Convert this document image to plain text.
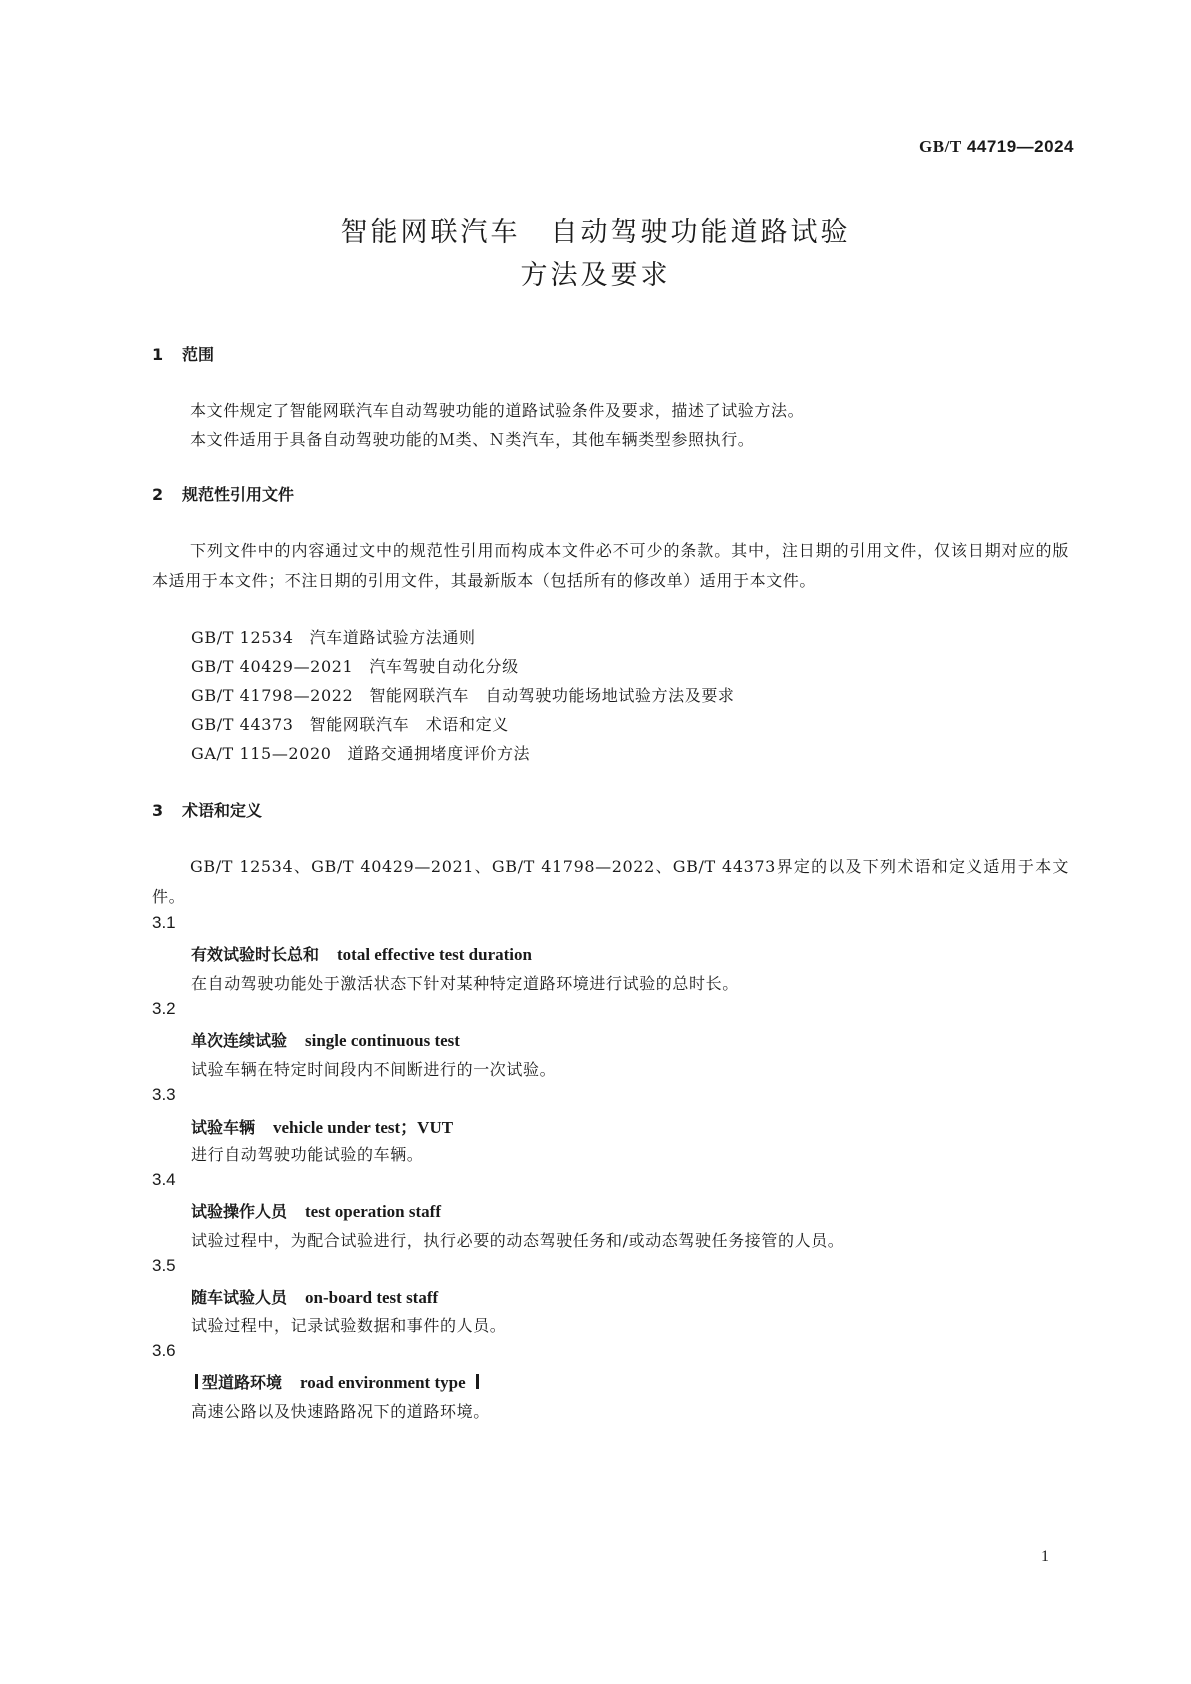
GB/T 44719—2024
智能网联汽车　自动驾驶功能道路试验
方法及要求
1 范围
本文件规定了智能网联汽车自动驾驶功能的道路试验条件及要求，描述了试验方法。
本文件适用于具备自动驾驶功能的Ｍ类、Ｎ类汽车，其他车辆类型参照执行。
2 规范性引用文件
下列文件中的内容通过文中的规范性引用而构成本文件必不可少的条款。其中，注日期的引用文件，仅该日期对应的版本适用于本文件；不注日期的引用文件，其最新版本（包括所有的修改单）适用于本文件。
GB/T 12534 汽车道路试验方法通则
GB/T 40429—2021 汽车驾驶自动化分级
GB/T 41798—2022 智能网联汽车　自动驾驶功能场地试验方法及要求
GB/T 44373 智能网联汽车　术语和定义
GA/T 115—2020 道路交通拥堵度评价方法
3 术语和定义
GB/T 12534、GB/T 40429—2021、GB/T 41798—2022、GB/T 44373界定的以及下列术语和定义适用于本文件。
3.1
有效试验时长总和 total effective test duration
在自动驾驶功能处于激活状态下针对某种特定道路环境进行试验的总时长。
3.2
单次连续试验 single continuous test
试验车辆在特定时间段内不间断进行的一次试验。
3.3
试验车辆 vehicle under test；VUT
进行自动驾驶功能试验的车辆。
3.4
试验操作人员 test operation staff
试验过程中，为配合试验进行，执行必要的动态驾驶任务和/或动态驾驶任务接管的人员。
3.5
随车试验人员 on-board test staff
试验过程中，记录试验数据和事件的人员。
3.6
型道路环境 road environment type
高速公路以及快速路路况下的道路环境。
1
